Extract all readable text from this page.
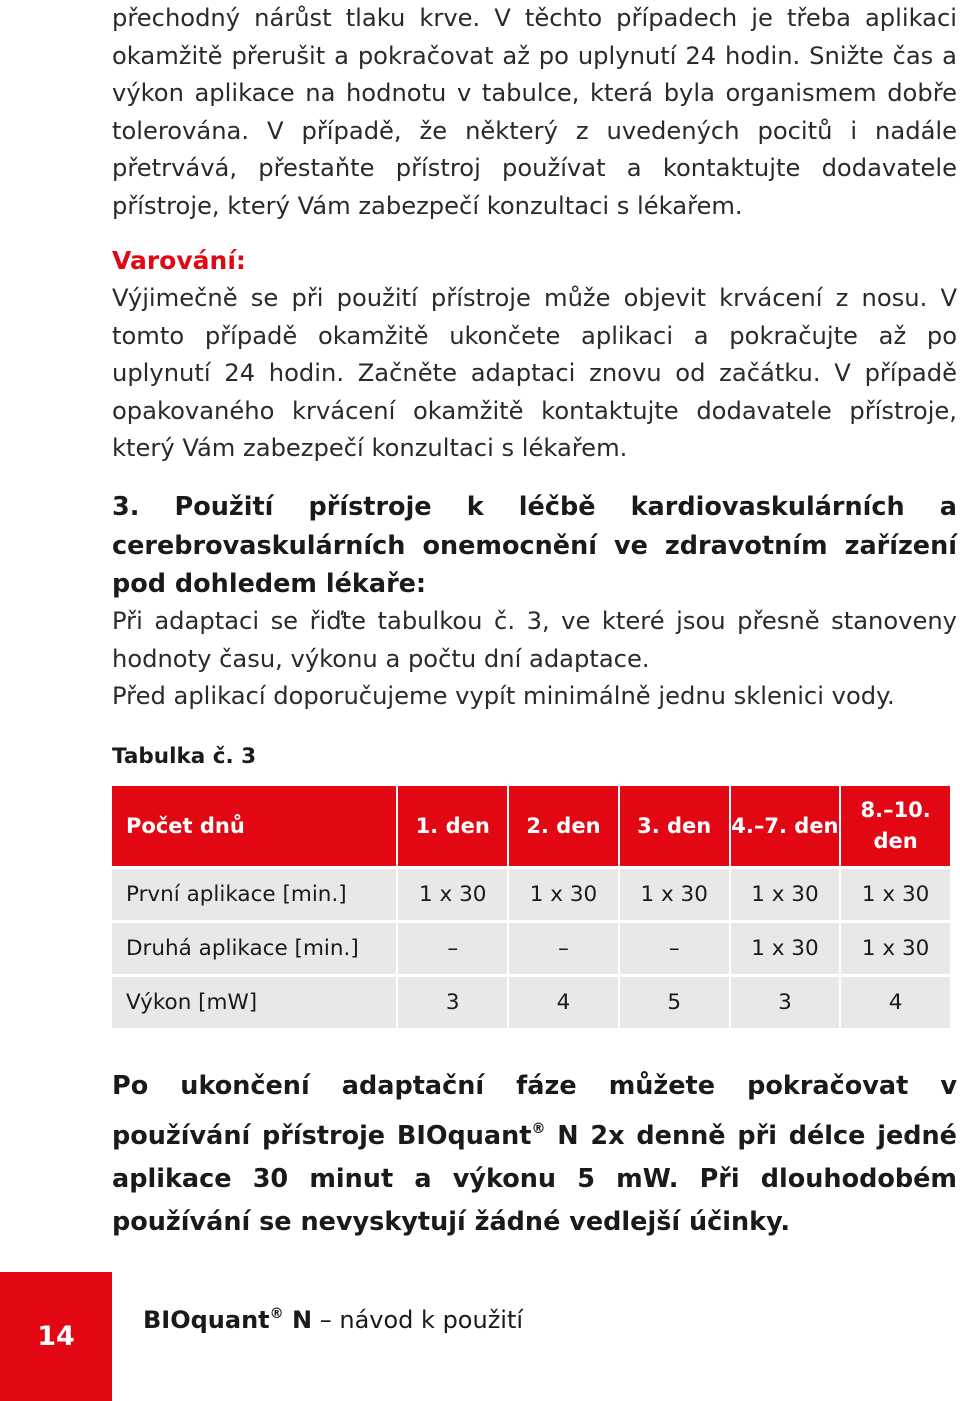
přechodný nárůst tlaku krve. V těchto případech je třeba aplikaci okamžitě přerušit a pokračovat až po uplynutí 24 hodin. Snižte čas a výkon aplikace na hodnotu v tabulce, která byla organismem dobře tolerována. V případě, že některý z uvedených pocitů i nadále přetrvává, přestaňte přístroj používat a kontaktujte dodavatele přístroje, který Vám zabezpečí konzultaci s lékařem.

Varování:

Výjimečně se při použití přístroje může objevit krvácení z nosu. V tomto případě okamžitě ukončete aplikaci a pokračujte až po uplynutí 24 hodin. Začněte adaptaci znovu od začátku. V případě opakovaného krvácení okamžitě kontaktujte dodavatele přístroje, který Vám zabezpečí konzultaci s lékařem.

3. Použití přístroje k léčbě kardiovaskulárních a cerebrovaskulárních onemocnění ve zdravotním zařízení pod dohledem lékaře:

Při adaptaci se řiďte tabulkou č. 3, ve které jsou přesně stanoveny hodnoty času, výkonu a počtu dní adaptace.

Před aplikací doporučujeme vypít minimálně jednu sklenici vody.

Tabulka č. 3
Počet dnů	1. den	2. den	3. den	4.–7. den	8.–10. den
První aplikace [min.]	1 x 30	1 x 30	1 x 30	1 x 30	1 x 30
Druhá aplikace [min.]	–	–	–	1 x 30	1 x 30
Výkon [mW]	3	4	5	3	4
Po ukončení adaptační fáze můžete pokračovat v používání přístroje BIOquant® N 2x denně při délce jedné aplikace 30 minut a výkonu 5 mW. Při dlouhodobém používání se nevyskytují žádné vedlejší účinky.
14
BIOquant® N – návod k použití
